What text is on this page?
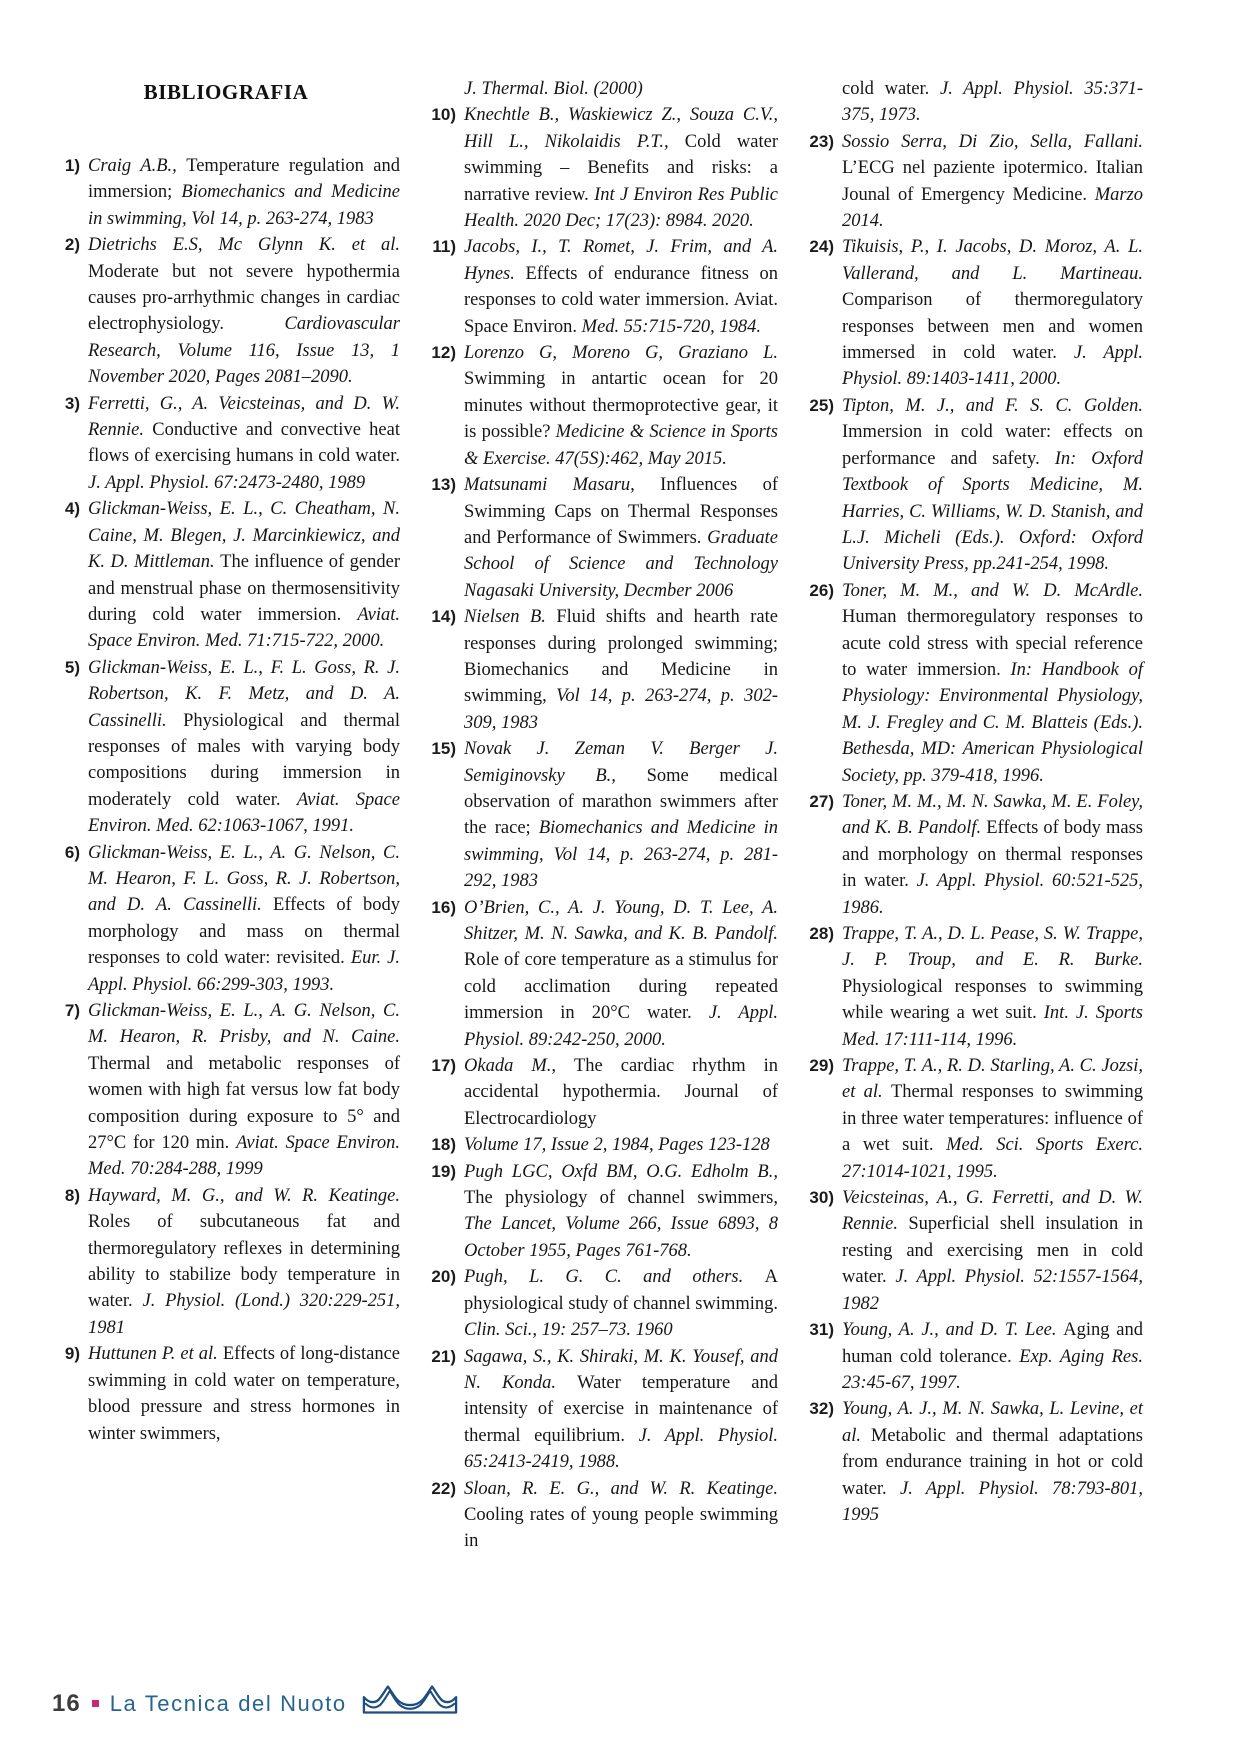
BIBLIOGRAFIA
1) Craig A.B., Temperature regulation and immersion; Biomechanics and Medicine in swimming, Vol 14, p. 263-274, 1983

2) Dietrichs E.S, Mc Glynn K. et al. Moderate but not severe hypothermia causes pro-arrhythmic changes in cardiac electrophysiology. Cardiovascular Research, Volume 116, Issue 13, 1 November 2020, Pages 2081–2090.

3) Ferretti, G., A. Veicsteinas, and D. W. Rennie. Conductive and convective heat flows of exercising humans in cold water. J. Appl. Physiol. 67:2473-2480, 1989

4) Glickman-Weiss, E. L., C. Cheatham, N. Caine, M. Blegen, J. Marcinkiewicz, and K. D. Mittleman. The influence of gender and menstrual phase on thermosensitivity during cold water immersion. Aviat. Space Environ. Med. 71:715-722, 2000.

5) Glickman-Weiss, E. L., F. L. Goss, R. J. Robertson, K. F. Metz, and D. A. Cassinelli. Physiological and thermal responses of males with varying body compositions during immersion in moderately cold water. Aviat. Space Environ. Med. 62:1063-1067, 1991.

6) Glickman-Weiss, E. L., A. G. Nelson, C. M. Hearon, F. L. Goss, R. J. Robertson, and D. A. Cassinelli. Effects of body morphology and mass on thermal responses to cold water: revisited. Eur. J. Appl. Physiol. 66:299-303, 1993.

7) Glickman-Weiss, E. L., A. G. Nelson, C. M. Hearon, R. Prisby, and N. Caine. Thermal and metabolic responses of women with high fat versus low fat body composition during exposure to 5° and 27°C for 120 min. Aviat. Space Environ. Med. 70:284-288, 1999

8) Hayward, M. G., and W. R. Keatinge. Roles of subcutaneous fat and thermoregulatory reflexes in determining ability to stabilize body temperature in water. J. Physiol. (Lond.) 320:229-251, 1981

9) Huttunen P. et al. Effects of long-distance swimming in cold water on temperature, blood pressure and stress hormones in winter swimmers,

J. Thermal. Biol. (2000)

10) Knechtle B., Waskiewicz Z., Souza C.V., Hill L., Nikolaidis P.T., Cold water swimming – Benefits and risks: a narrative review. Int J Environ Res Public Health. 2020 Dec; 17(23): 8984. 2020.

11) Jacobs, I., T. Romet, J. Frim, and A. Hynes. Effects of endurance fitness on responses to cold water immersion. Aviat. Space Environ. Med. 55:715-720, 1984.

12) Lorenzo G, Moreno G, Graziano L. Swimming in antartic ocean for 20 minutes without thermoprotective gear, it is possible? Medicine & Science in Sports & Exercise. 47(5S):462, May 2015.

13) Matsunami Masaru, Influences of Swimming Caps on Thermal Responses and Performance of Swimmers. Graduate School of Science and Technology Nagasaki University, Decmber 2006

14) Nielsen B. Fluid shifts and hearth rate responses during prolonged swimming; Biomechanics and Medicine in swimming, Vol 14, p. 263-274, p. 302-309, 1983

15) Novak J. Zeman V. Berger J. Semiginovsky B., Some medical observation of marathon swimmers after the race; Biomechanics and Medicine in swimming, Vol 14, p. 263-274, p. 281-292, 1983

16) O’Brien, C., A. J. Young, D. T. Lee, A. Shitzer, M. N. Sawka, and K. B. Pandolf. Role of core temperature as a stimulus for cold acclimation during repeated immersion in 20°C water. J. Appl. Physiol. 89:242-250, 2000.

17) Okada M., The cardiac rhythm in accidental hypothermia. Journal of Electrocardiology

18) Volume 17, Issue 2, 1984, Pages 123-128

19) Pugh LGC, Oxfd BM, O.G. Edholm B., The physiology of channel swimmers, The Lancet, Volume 266, Issue 6893, 8 October 1955, Pages 761-768.

20) Pugh, L. G. C. and others. A physiological study of channel swimming. Clin. Sci., 19: 257–73. 1960

21) Sagawa, S., K. Shiraki, M. K. Yousef, and N. Konda. Water temperature and intensity of exercise in maintenance of thermal equilibrium. J. Appl. Physiol. 65:2413-2419, 1988.

22) Sloan, R. E. G., and W. R. Keatinge. Cooling rates of young people swimming in

cold water. J. Appl. Physiol. 35:371-375, 1973.

23) Sossio Serra, Di Zio, Sella, Fallani. L’ECG nel paziente ipotermico. Italian Jounal of Emergency Medicine. Marzo 2014.

24) Tikuisis, P., I. Jacobs, D. Moroz, A. L. Vallerand, and L. Martineau. Comparison of thermoregulatory responses between men and women immersed in cold water. J. Appl. Physiol. 89:1403-1411, 2000.

25) Tipton, M. J., and F. S. C. Golden. Immersion in cold water: effects on performance and safety. In: Oxford Textbook of Sports Medicine, M. Harries, C. Williams, W. D. Stanish, and L.J. Micheli (Eds.). Oxford: Oxford University Press, pp.241-254, 1998.

26) Toner, M. M., and W. D. McArdle. Human thermoregulatory responses to acute cold stress with special reference to water immersion. In: Handbook of Physiology: Environmental Physiology, M. J. Fregley and C. M. Blatteis (Eds.). Bethesda, MD: American Physiological Society, pp. 379-418, 1996.

27) Toner, M. M., M. N. Sawka, M. E. Foley, and K. B. Pandolf. Effects of body mass and morphology on thermal responses in water. J. Appl. Physiol. 60:521-525, 1986.

28) Trappe, T. A., D. L. Pease, S. W. Trappe, J. P. Troup, and E. R. Burke. Physiological responses to swimming while wearing a wet suit. Int. J. Sports Med. 17:111-114, 1996.

29) Trappe, T. A., R. D. Starling, A. C. Jozsi, et al. Thermal responses to swimming in three water temperatures: influence of a wet suit. Med. Sci. Sports Exerc. 27:1014-1021, 1995.

30) Veicsteinas, A., G. Ferretti, and D. W. Rennie. Superficial shell insulation in resting and exercising men in cold water. J. Appl. Physiol. 52:1557-1564, 1982

31) Young, A. J., and D. T. Lee. Aging and human cold tolerance. Exp. Aging Res. 23:45-67, 1997.

32) Young, A. J., M. N. Sawka, L. Levine, et al. Metabolic and thermal adaptations from endurance training in hot or cold water. J. Appl. Physiol. 78:793-801, 1995

16 La Tecnica del Nuoto
